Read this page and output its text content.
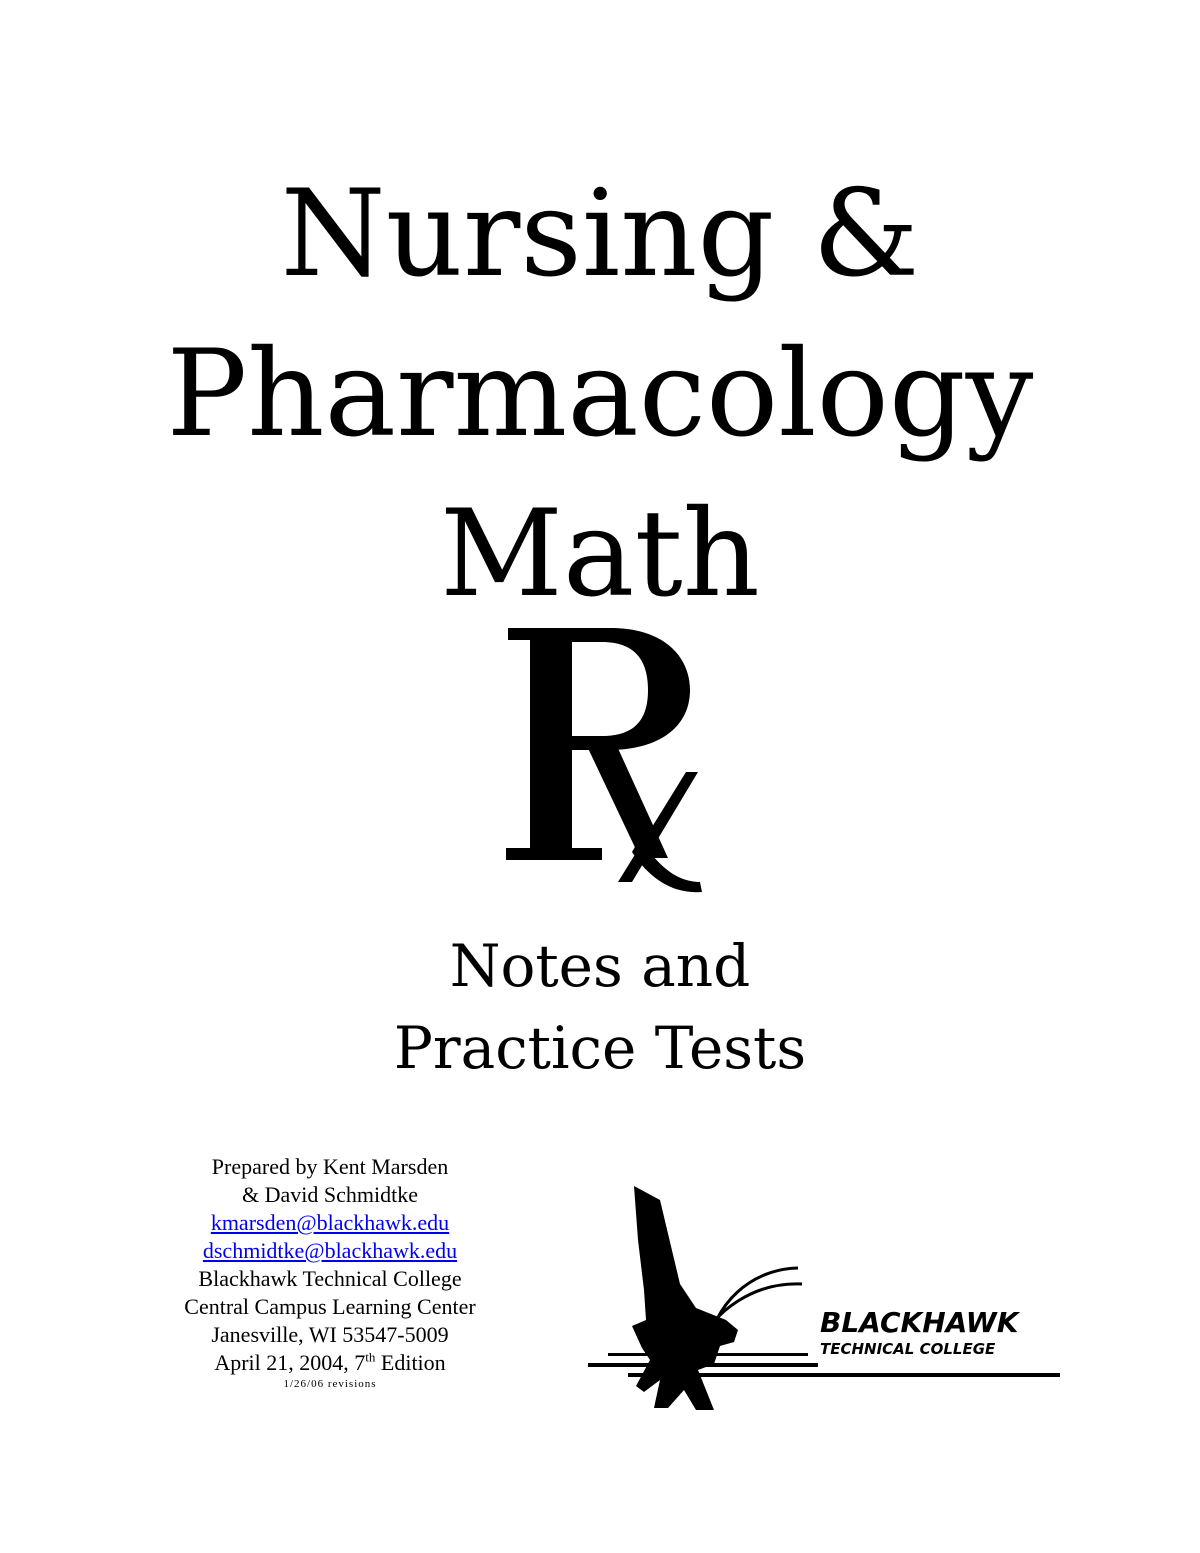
Nursing &
Pharmacology
Math
Notes and
Practice Tests
Prepared by Kent Marsden
& David Schmidtke
kmarsden@blackhawk.edu
dschmidtke@blackhawk.edu
Blackhawk Technical College
Central Campus Learning Center
Janesville, WI 53547-5009
April 21, 2004, 7th Edition
1/26/06 revisions
BLACKHAWK
TECHNICAL COLLEGE
